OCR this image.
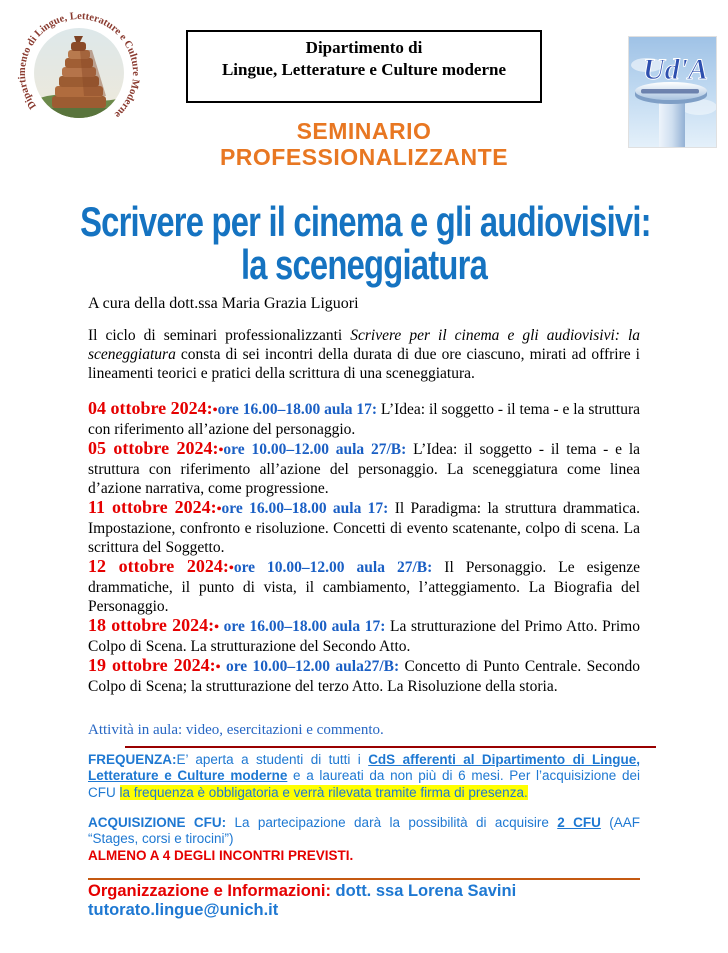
Dipartimento di Lingue, Letterature e Culture Moderne
Dipartimento di
Lingue, Letterature e Culture moderne	Ud'A
SEMINARIO
PROFESSIONALIZZANTE
Scrivere per il cinema e gli audiovisivi:
la sceneggiatura
A cura della dott.ssa Maria Grazia Liguori

Il ciclo di seminari professionalizzanti Scrivere per il cinema e gli audiovisivi: la sceneggiatura consta di sei incontri della durata di due ore ciascuno, mirati ad offrire i lineamenti teorici e pratici della scrittura di una sceneggiatura.

04 ottobre 2024:•ore 16.00–18.00 aula 17: L’Idea: il soggetto - il tema - e la struttura con riferimento all’azione del personaggio.

05 ottobre 2024:•ore 10.00–12.00 aula 27/B: L’Idea: il soggetto - il tema - e la struttura con riferimento all’azione del personaggio. La sceneggiatura come linea d’azione narrativa, come progressione.

11 ottobre 2024:•ore 16.00–18.00 aula 17: Il Paradigma: la struttura drammatica. Impostazione, confronto e risoluzione. Concetti di evento scatenante, colpo di scena. La scrittura del Soggetto.

12 ottobre 2024:•ore 10.00–12.00 aula 27/B: Il Personaggio. Le esigenze drammatiche, il punto di vista, il cambiamento, l’atteggiamento. La Biografia del Personaggio.

18 ottobre 2024:• ore 16.00–18.00 aula 17: La strutturazione del Primo Atto. Primo Colpo di Scena. La strutturazione del Secondo Atto.

19 ottobre 2024:• ore 10.00–12.00 aula27/B: Concetto di Punto Centrale. Secondo Colpo di Scena; la strutturazione del terzo Atto. La Risoluzione della storia.

Attività in aula: video, esercitazioni e commento.

FREQUENZA:E’ aperta a studenti di tutti i CdS afferenti al Dipartimento di Lingue, Letterature e Culture moderne e a laureati da non più di 6 mesi. Per l’acquisizione dei CFU la frequenza è obbligatoria e verrà rilevata tramite firma di presenza.

ACQUISIZIONE CFU: La partecipazione darà la possibilità di acquisire 2 CFU (AAF “Stages, corsi e tirocini”)
ALMENO A 4 DEGLI INCONTRI PREVISTI.

Organizzazione e Informazioni: dott. ssa Lorena Savini tutorato.lingue@unich.it
